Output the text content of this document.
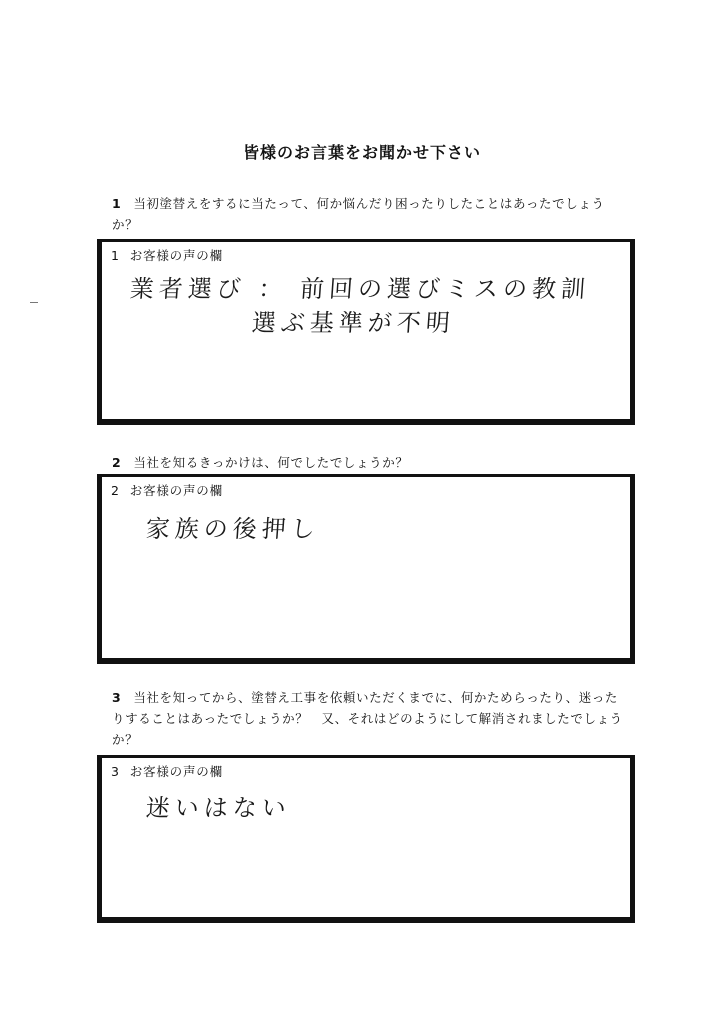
皆様のお言葉をお聞かせ下さい
1 当初塗替えをするに当たって、何か悩んだり困ったりしたことはあったでしょう
か？
1 お客様の声の欄
業者選び ： 前回の選びミスの教訓
選ぶ基準が不明
2 当社を知るきっかけは、何でしたでしょうか？
2 お客様の声の欄
家族の後押し
3 当社を知ってから、塗替え工事を依頼いただくまでに、何かためらったり、迷った
りすることはあったでしょうか？　又、それはどのようにして解消されましたでしょう
か？
3 お客様の声の欄
迷いはない
